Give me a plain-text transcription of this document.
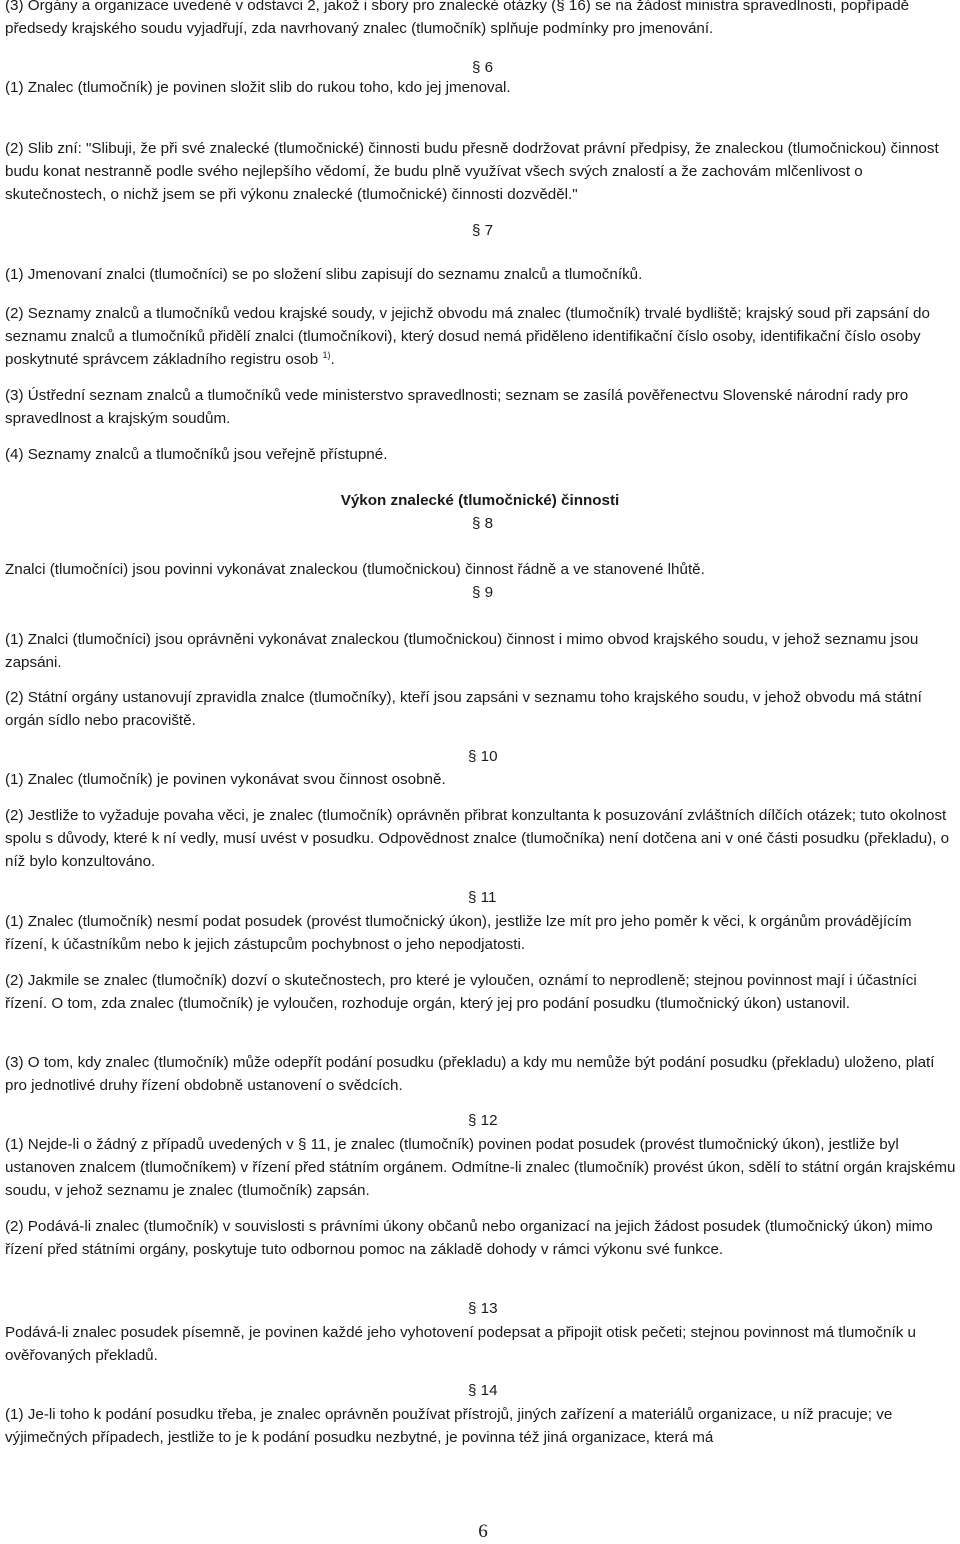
(3) Orgány a organizace uvedené v odstavci 2, jakož i sbory pro znalecké otázky (§ 16) se na žádost ministra spravedlnosti, popřípadě předsedy krajského soudu vyjadřují, zda navrhovaný znalec (tlumočník) splňuje podmínky pro jmenování.

§ 6

(1) Znalec (tlumočník) je povinen složit slib do rukou toho, kdo jej jmenoval.

(2) Slib zní: "Slibuji, že při své znalecké (tlumočnické) činnosti budu přesně dodržovat právní předpisy, že znaleckou (tlumočnickou) činnost budu konat nestranně podle svého nejlepšího vědomí, že budu plně využívat všech svých znalostí a že zachovám mlčenlivost o skutečnostech, o nichž jsem se při výkonu znalecké (tlumočnické) činnosti dozvěděl."

§ 7

(1) Jmenovaní znalci (tlumočníci) se po složení slibu zapisují do seznamu znalců a tlumočníků.

(2) Seznamy znalců a tlumočníků vedou krajské soudy, v jejichž obvodu má znalec (tlumočník) trvalé bydliště; krajský soud při zapsání do seznamu znalců a tlumočníků přidělí znalci (tlumočníkovi), který dosud nemá přiděleno identifikační číslo osoby, identifikační číslo osoby poskytnuté správcem základního registru osob $^{1)}$.

(3) Ústřední seznam znalců a tlumočníků vede ministerstvo spravedlnosti; seznam se zasílá pověřenectvu Slovenské národní rady pro spravedlnost a krajským soudům.

(4) Seznamy znalců a tlumočníků jsou veřejně přístupné.

Výkon znalecké (tlumočnické) činnosti

§ 8

Znalci (tlumočníci) jsou povinni vykonávat znaleckou (tlumočnickou) činnost řádně a ve stanovené lhůtě.

§ 9

(1) Znalci (tlumočníci) jsou oprávněni vykonávat znaleckou (tlumočnickou) činnost i mimo obvod krajského soudu, v jehož seznamu jsou zapsáni.

(2) Státní orgány ustanovují zpravidla znalce (tlumočníky), kteří jsou zapsáni v seznamu toho krajského soudu, v jehož obvodu má státní orgán sídlo nebo pracoviště.

§ 10

(1) Znalec (tlumočník) je povinen vykonávat svou činnost osobně.

(2) Jestliže to vyžaduje povaha věci, je znalec (tlumočník) oprávněn přibrat konzultanta k posuzování zvláštních dílčích otázek; tuto okolnost spolu s důvody, které k ní vedly, musí uvést v posudku. Odpovědnost znalce (tlumočníka) není dotčena ani v oné části posudku (překladu), o níž bylo konzultováno.

§ 11

(1) Znalec (tlumočník) nesmí podat posudek (provést tlumočnický úkon), jestliže lze mít pro jeho poměr k věci, k orgánům provádějícím řízení, k účastníkům nebo k jejich zástupcům pochybnost o jeho nepodjatosti.

(2) Jakmile se znalec (tlumočník) dozví o skutečnostech, pro které je vyloučen, oznámí to neprodleně; stejnou povinnost mají i účastníci řízení. O tom, zda znalec (tlumočník) je vyloučen, rozhoduje orgán, který jej pro podání posudku (tlumočnický úkon) ustanovil.

(3) O tom, kdy znalec (tlumočník) může odepřít podání posudku (překladu) a kdy mu nemůže být podání posudku (překladu) uloženo, platí pro jednotlivé druhy řízení obdobně ustanovení o svědcích.

§ 12

(1) Nejde-li o žádný z případů uvedených v § 11, je znalec (tlumočník) povinen podat posudek (provést tlumočnický úkon), jestliže byl ustanoven znalcem (tlumočníkem) v řízení před státním orgánem. Odmítne-li znalec (tlumočník) provést úkon, sdělí to státní orgán krajskému soudu, v jehož seznamu je znalec (tlumočník) zapsán.

(2) Podává-li znalec (tlumočník) v souvislosti s právními úkony občanů nebo organizací na jejich žádost posudek (tlumočnický úkon) mimo řízení před státními orgány, poskytuje tuto odbornou pomoc na základě dohody v rámci výkonu své funkce.

§ 13

Podává-li znalec posudek písemně, je povinen každé jeho vyhotovení podepsat a připojit otisk pečeti; stejnou povinnost má tlumočník u ověřovaných překladů.

§ 14

(1) Je-li toho k podání posudku třeba, je znalec oprávněn používat přístrojů, jiných zařízení a materiálů organizace, u níž pracuje; ve výjimečných případech, jestliže to je k podání posudku nezbytné, je povinna též jiná organizace, která má

6
